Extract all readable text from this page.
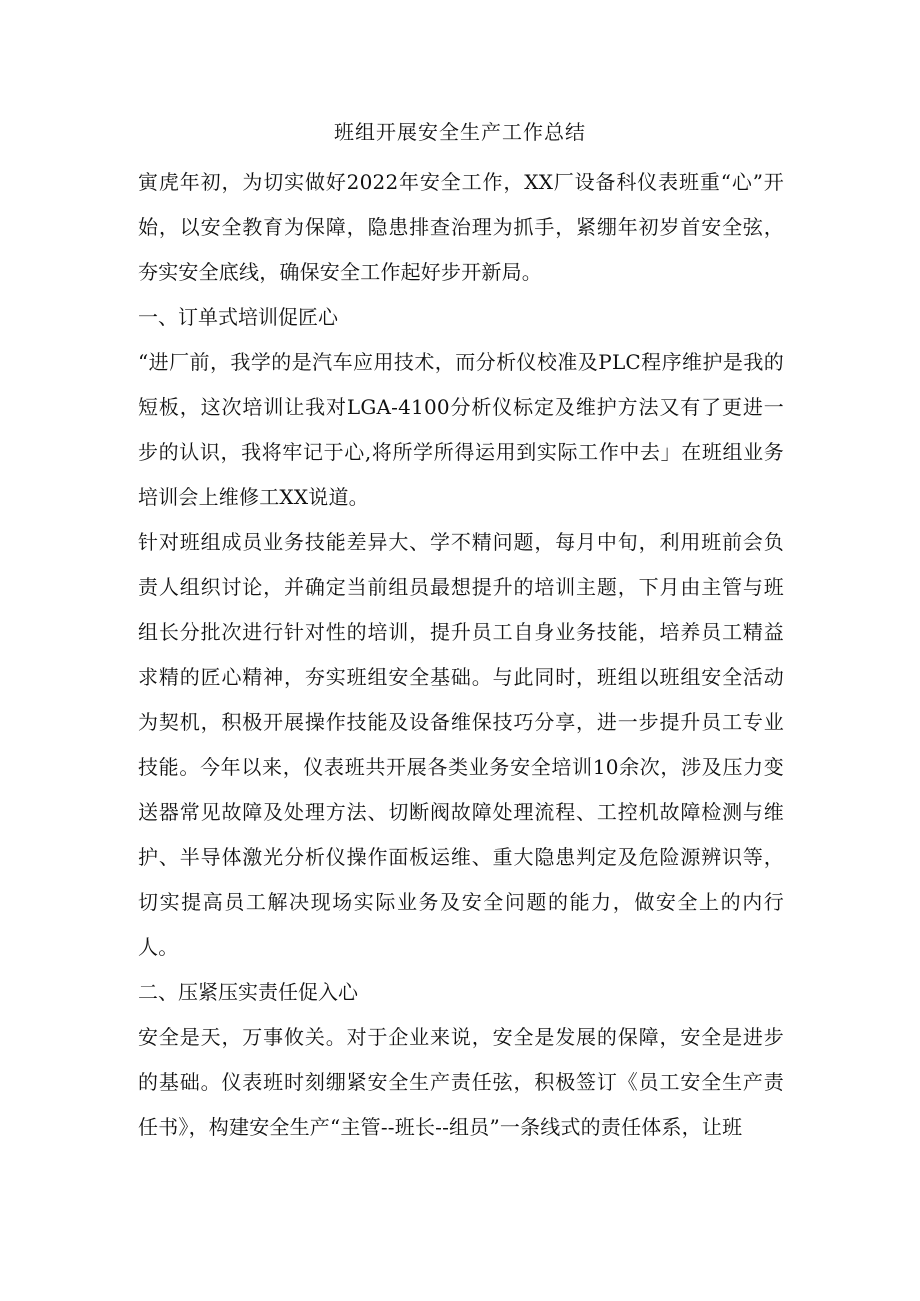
班组开展安全生产工作总结

寅虎年初，为切实做好2022年安全工作，XX厂设备科仪表班重“心”开始，以安全教育为保障，隐患排查治理为抓手，紧绷年初岁首安全弦，夯实安全底线，确保安全工作起好步开新局。

一、订单式培训促匠心

“进厂前，我学的是汽车应用技术，而分析仪校准及PLC程序维护是我的短板，这次培训让我对LGA-4100分析仪标定及维护方法又有了更进一步的认识，我将牢记于心,将所学所得运用到实际工作中去」在班组业务培训会上维修工XX说道。

针对班组成员业务技能差异大、学不精问题，每月中旬，利用班前会负责人组织讨论，并确定当前组员最想提升的培训主题，下月由主管与班组长分批次进行针对性的培训，提升员工自身业务技能，培养员工精益求精的匠心精神，夯实班组安全基础。与此同时，班组以班组安全活动为契机，积极开展操作技能及设备维保技巧分享，进一步提升员工专业技能。今年以来，仪表班共开展各类业务安全培训10余次，涉及压力变送器常见故障及处理方法、切断阀故障处理流程、工控机故障检测与维护、半导体激光分析仪操作面板运维、重大隐患判定及危险源辨识等，切实提高员工解决现场实际业务及安全问题的能力，做安全上的内行人。

二、压紧压实责任促入心

安全是天，万事攸关。对于企业来说，安全是发展的保障，安全是进步的基础。仪表班时刻绷紧安全生产责任弦，积极签订《员工安全生产责任书》，构建安全生产“主管--班长--组员”一条线式的责任体系，让班
